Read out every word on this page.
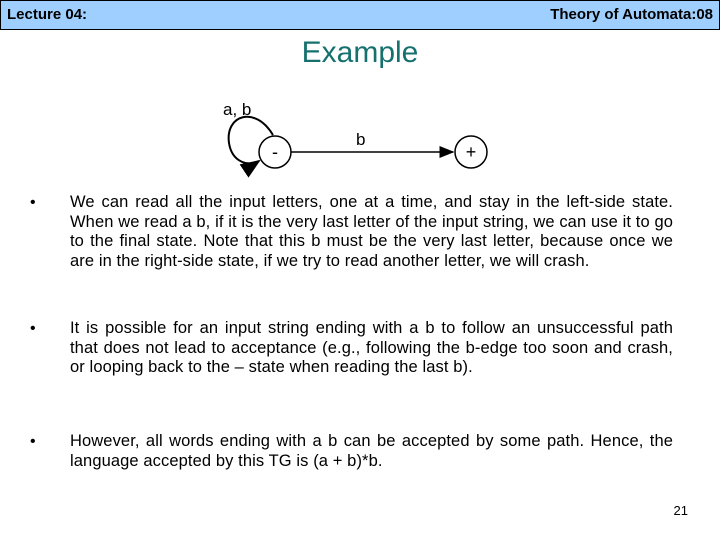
Lecture 04:	Theory of Automata:08
Example
a, b
-
b
+
• We can read all the input letters, one at a time, and stay in the left-side state. When we read a b, if it is the very last letter of the input string, we can use it to go to the final state. Note that this b must be the very last letter, because once we are in the right-side state, if we try to read another letter, we will crash.
• It is possible for an input string ending with a b to follow an unsuccessful path that does not lead to acceptance (e.g., following the b-edge too soon and crash, or looping back to the – state when reading the last b).
• However, all words ending with a b can be accepted by some path. Hence, the language accepted by this TG is (a + b)*b.
21
